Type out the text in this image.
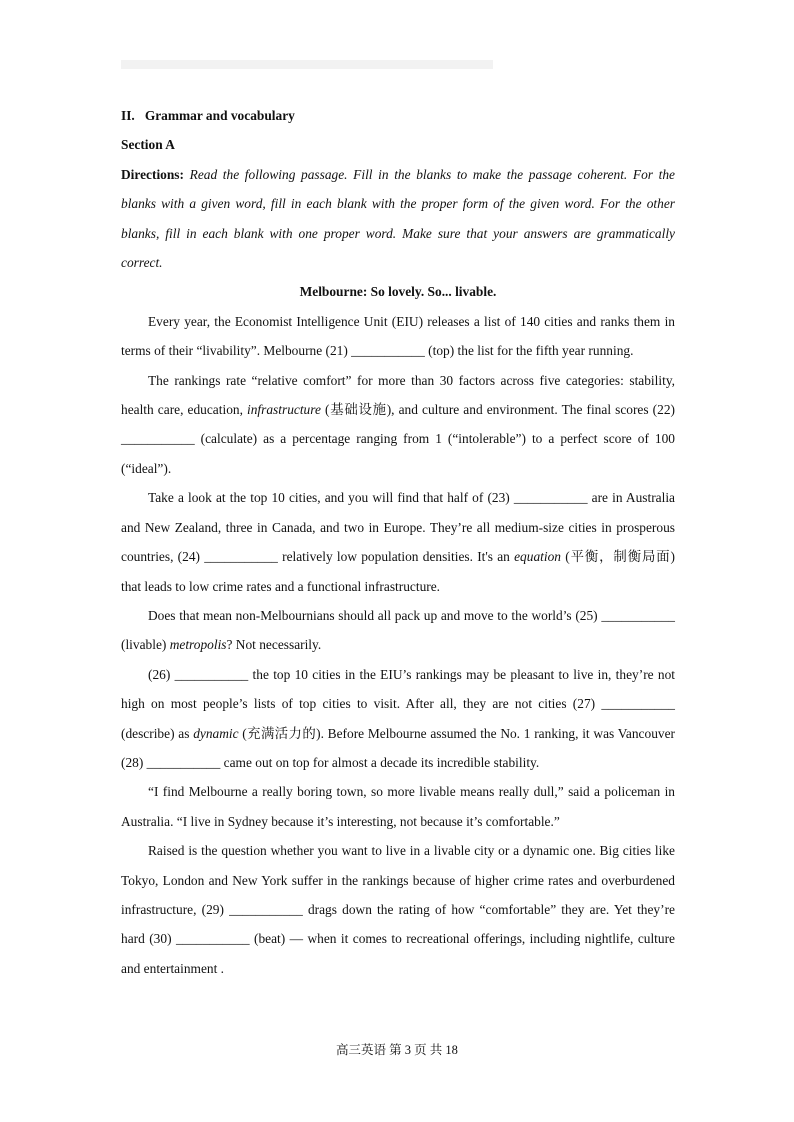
II.   Grammar and vocabulary

Section A

Directions: Read the following passage. Fill in the blanks to make the passage coherent. For the blanks with a given word, fill in each blank with the proper form of the given word. For the other blanks, fill in each blank with one proper word. Make sure that your answers are grammatically correct.

Melbourne: So lovely. So... livable.

Every year, the Economist Intelligence Unit (EIU) releases a list of 140 cities and ranks them in terms of their “livability”. Melbourne (21) ___________ (top) the list for the fifth year running.

The rankings rate “relative comfort” for more than 30 factors across five categories: stability, health care, education, infrastructure (基础设施), and culture and environment. The final scores (22) ___________ (calculate) as a percentage ranging from 1 (“intolerable”) to a perfect score of 100 (“ideal”).

Take a look at the top 10 cities, and you will find that half of (23) ___________ are in Australia and New Zealand, three in Canada, and two in Europe. They’re all medium-size cities in prosperous countries, (24) ___________ relatively low population densities. It's an equation (平衡，制衡局面) that leads to low crime rates and a functional infrastructure.

Does that mean non-Melbournians should all pack up and move to the world’s (25) ___________ (livable) metropolis? Not necessarily.

(26) ___________ the top 10 cities in the EIU’s rankings may be pleasant to live in, they’re not high on most people’s lists of top cities to visit. After all, they are not cities (27) ___________ (describe) as dynamic (充满活力的). Before Melbourne assumed the No. 1 ranking, it was Vancouver (28) ___________ came out on top for almost a decade its incredible stability.

“I find Melbourne a really boring town, so more livable means really dull,” said a policeman in Australia. “I live in Sydney because it’s interesting, not because it’s comfortable.”

Raised is the question whether you want to live in a livable city or a dynamic one. Big cities like Tokyo, London and New York suffer in the rankings because of higher crime rates and overburdened infrastructure, (29) ___________ drags down the rating of how “comfortable” they are. Yet they’re hard (30) ___________ (beat) — when it comes to recreational offerings, including nightlife, culture and entertainment .

高三英语 第 3 页 共 18
